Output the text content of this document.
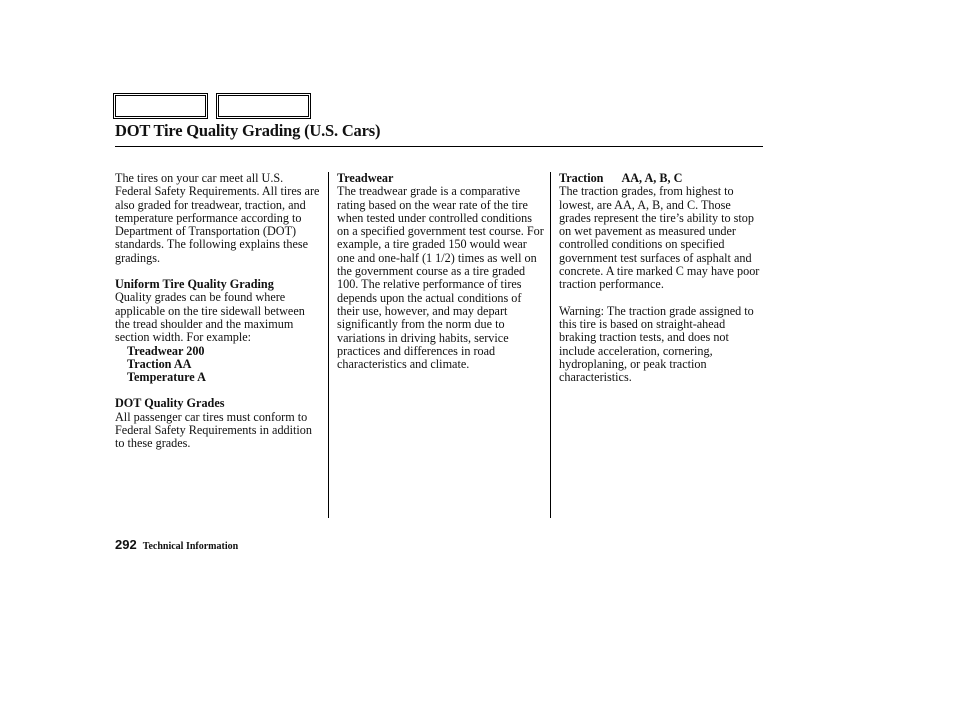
DOT Tire Quality Grading (U.S. Cars)
The tires on your car meet all U.S. Federal Safety Requirements. All tires are also graded for treadwear, traction, and temperature performance according to Department of Transportation (DOT) standards. The following explains these gradings.
Uniform Tire Quality Grading
Quality grades can be found where applicable on the tire sidewall between the tread shoulder and the maximum section width. For example:
Treadwear 200
Traction AA
Temperature A
DOT Quality Grades
All passenger car tires must conform to Federal Safety Requirements in addition to these grades.
Treadwear
The treadwear grade is a comparative rating based on the wear rate of the tire when tested under controlled conditions on a specified government test course. For example, a tire graded 150 would wear one and one-half (1 1/2) times as well on the government course as a tire graded 100. The relative performance of tires depends upon the actual conditions of their use, however, and may depart significantly from the norm due to variations in driving habits, service practices and differences in road characteristics and climate.
Traction AA, A, B, C
The traction grades, from highest to lowest, are AA, A, B, and C. Those grades represent the tire’s ability to stop on wet pavement as measured under controlled conditions on specified government test surfaces of asphalt and concrete. A tire marked C may have poor traction performance.
Warning: The traction grade assigned to this tire is based on straight-ahead braking traction tests, and does not include acceleration, cornering, hydroplaning, or peak traction characteristics.
292 Technical Information
